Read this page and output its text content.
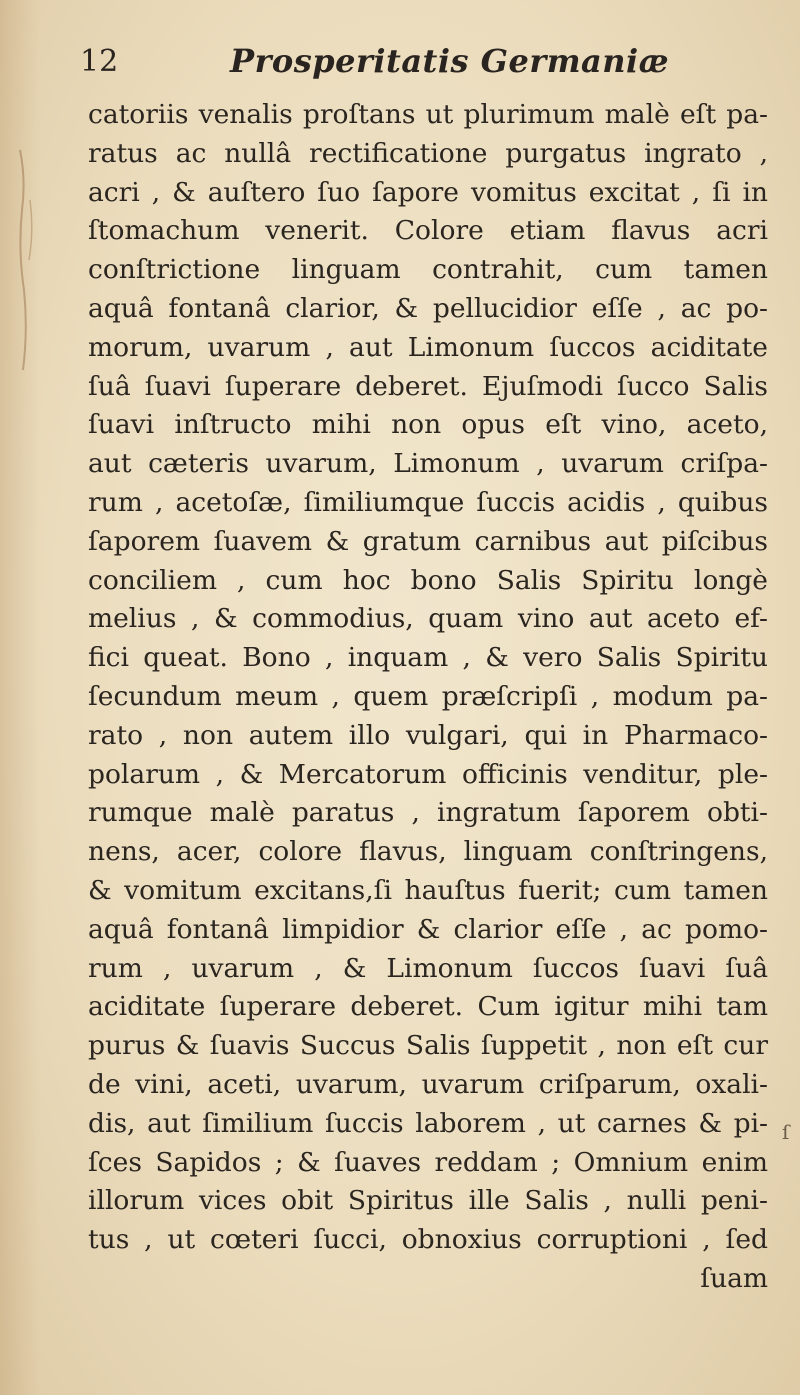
12	Prosperitatis Germaniæ
catoriis venalis proſtans ut plurimum malè eſt pa-
ratus ac nullâ rectificatione purgatus ingrato ,
acri , & auſtero ſuo ſapore vomitus excitat , ſi in
ſtomachum venerit. Colore etiam flavus acri
conſtrictione linguam contrahit, cum tamen
aquâ fontanâ clarior, & pellucidior eſſe , ac po-
morum, uvarum , aut Limonum ſuccos aciditate
ſuâ ſuavi ſuperare deberet. Ejuſmodi ſucco Salis
ſuavi inſtructo mihi non opus eſt vino, aceto,
aut cæteris uvarum, Limonum , uvarum criſpa-
rum , acetoſæ, ſimiliumque ſuccis acidis , quibus
ſaporem ſuavem & gratum carnibus aut piſcibus
conciliem , cum hoc bono Salis Spiritu longè
melius , & commodius, quam vino aut aceto ef-
fici queat. Bono , inquam , & vero Salis Spiritu
ſecundum meum , quem præſcripſi , modum pa-
rato , non autem illo vulgari, qui in Pharmaco-
polarum , & Mercatorum officinis venditur, ple-
rumque malè paratus , ingratum ſaporem obti-
nens, acer, colore flavus, linguam conſtringens,
& vomitum excitans,ſi hauſtus fuerit; cum tamen
aquâ fontanâ limpidior & clarior eſſe , ac pomo-
rum , uvarum , & Limonum ſuccos ſuavi ſuâ
aciditate ſuperare deberet. Cum igitur mihi tam
purus & ſuavis Succus Salis ſuppetit , non eſt cur
de vini, aceti, uvarum, uvarum criſparum, oxali-
dis, aut ſimilium ſuccis laborem , ut carnes & pi-
ſces Sapidos ; & ſuaves reddam ; Omnium enim
illorum vices obit Spiritus ille Salis , nulli peni-
tus , ut cœteri ſucci, obnoxius corruptioni , ſed
ſuam
ſ
